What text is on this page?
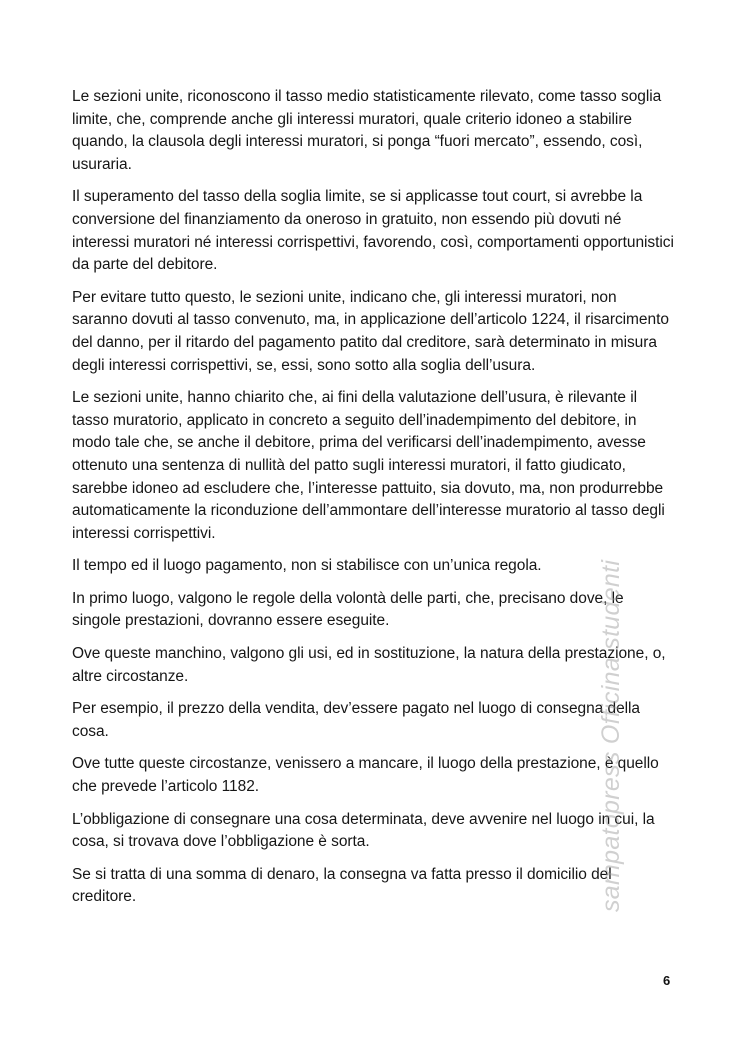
Le sezioni unite, riconoscono il tasso medio statisticamente rilevato, come tasso soglia limite, che, comprende anche gli interessi muratori, quale criterio idoneo a stabilire quando, la clausola degli interessi muratori, si ponga “fuori mercato”, essendo, così, usuraria.

Il superamento del tasso della soglia limite, se si applicasse tout court, si avrebbe la conversione del finanziamento da oneroso in gratuito, non essendo più dovuti né interessi muratori né interessi corrispettivi, favorendo, così, comportamenti opportunistici da parte del debitore.

Per evitare tutto questo, le sezioni unite, indicano che, gli interessi muratori, non saranno dovuti al tasso convenuto, ma, in applicazione dell’articolo 1224, il risarcimento del danno, per il ritardo del pagamento patito dal creditore, sarà determinato in misura degli interessi corrispettivi, se, essi, sono sotto alla soglia dell’usura.

Le sezioni unite, hanno chiarito che, ai fini della valutazione dell’usura, è rilevante il tasso muratorio, applicato in concreto a seguito dell’inadempimento del debitore, in modo tale che, se anche il debitore, prima del verificarsi dell’inadempimento, avesse ottenuto una sentenza di nullità del patto sugli interessi muratori, il fatto giudicato, sarebbe idoneo ad escludere che, l’interesse pattuito, sia dovuto, ma, non produrrebbe automaticamente la riconduzione dell’ammontare dell’interesse muratorio al tasso degli interessi corrispettivi.

Il tempo ed il luogo pagamento, non si stabilisce con un’unica regola.

In primo luogo, valgono le regole della volontà delle parti, che, precisano dove, le singole prestazioni, dovranno essere eseguite.

Ove queste manchino, valgono gli usi, ed in sostituzione, la natura della prestazione, o, altre circostanze.

Per esempio, il prezzo della vendita, dev’essere pagato nel luogo di consegna della cosa.

Ove tutte queste circostanze, venissero a mancare, il luogo della prestazione, è quello che prevede l’articolo 1182.

L’obbligazione di consegnare una cosa determinata, deve avvenire nel luogo in cui, la cosa, si trovava dove l’obbligazione è sorta.

Se si tratta di una somma di denaro, la consegna va fatta presso il domicilio del creditore.	sampatopress Officina studenti
6
